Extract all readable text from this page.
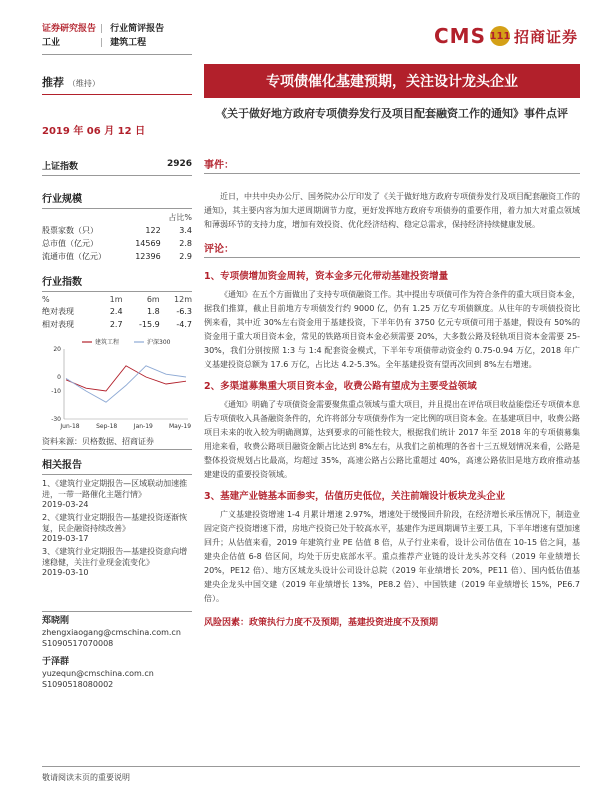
证券研究报告 | 行业简评报告
工业	| 建筑工程	CMS 111 招商证券
推荐 （维持）	专项债催化基建预期，关注设计龙头企业
2019 年 06 月 12 日
《关于做好地方政府专项债券发行及项目配套融资工作的通知》事件点评
上证指数	2926
行业规模
		占比%
股票家数（只）	122	3.4
总市值（亿元）	14569	2.8
流通市值（亿元）	12396	2.9
行业指数
%	1m	6m	12m
绝对表现	2.4	1.8	-6.3
相对表现	2.7	-15.9	-4.7
20
0
-10
-30
Jun-18	Sep-18	Jan-19	May-19
建筑工程	沪深300
资料来源：贝格数据、招商证券
相关报告
1、《建筑行业定期报告—区域联动加速推进，一带一路催化主题行情》
2019-03-24
2、《建筑行业定期报告—基建投资逐渐恢复，民企融资持续改善》
2019-03-17
3、《建筑行业定期报告—基建投资意向增速稳健，关注行业现金流变化》
2019-03-10
郑晓刚
zhengxiaogang@cmschina.com.cn
S1090517070008
于泽群
yuzequn@cmschina.com.cn
S1090518080002
事件：

近日，中共中央办公厅、国务院办公厅印发了《关于做好地方政府专项债券发行及项目配套融资工作的通知》，其主要内容为加大逆周期调节力度，更好发挥地方政府专项债券的重要作用，着力加大对重点领域和薄弱环节的支持力度，增加有效投资、优化经济结构、稳定总需求，保持经济持续健康发展。

评论：
1、专项债增加资金周转，资本金多元化带动基建投资增量

《通知》在五个方面做出了支持专项债融资工作。其中提出专项债可作为符合条件的重大项目资本金，据我们推算，截止目前地方专项债发行约 9000 亿，仍有 1.25 万亿专项债额度。从往年的专项债投资比例来看，其中近 30%左右资金用于基建投资，下半年仍有 3750 亿元专项债可用于基建，假设有 50%的资金用于重大项目资本金，常见的铁路项目资本金必须需要 20%，大多数公路及轻轨项目资本金需要 25-30%，我们分别按照 1:3 与 1:4 配套资金模式，下半年专项债带动资金约 0.75-0.94 万亿，2018 年广义基建投资总额为 17.6 万亿，占比达 4.2-5.3%。全年基建投资有望再次回到 8%左右增速。

2、多渠道募集重大项目资本金，收费公路有望成为主要受益领域

《通知》明确了专项债资金需要聚焦重点领域与重大项目，并且提出在评估项目收益能偿还专项债本息后专项债收入具备融资条件的，允许将部分专项债券作为一定比例的项目资本金。在基建项目中，收费公路项目未来的收入较为明确测算，达到要求的可能性较大，根据我们统计 2017 年至 2018 年的专项债募集用途来看，收费公路项目融资金额占比达到 8%左右，从我们之前梳理的各省十三五规划情况来看，公路是整体投资规划占比最高，均超过 35%，高速公路占公路比重超过 40%，高速公路依旧是地方政府推动基建建设的重要投资领域。

3、基建产业链基本面参实，估值历史低位，关注前端设计板块龙头企业

广义基建投资增速 1-4 月累计增速 2.97%，增速处于缓慢回升阶段，在经济增长承压情况下，制造业固定资产投资增速下滑，房地产投资已处于较高水平，基建作为逆周期调节主要工具，下半年增速有望加速回升；从估值来看，2019 年建筑行业 PE 估值 8 倍，从子行业来看，设计公司估值在 10-15 倍之间，基建央企估值 6-8 倍区间，均处于历史底部水平。重点推荐产业链的设计龙头苏交科（2019 年业绩增长 20%，PE12 倍）、地方区域龙头设计公司设计总院（2019 年业绩增长 20%，PE11 倍）、国内低估值基建央企龙头中国交建（2019 年业绩增长 13%，PE8.2 倍）、中国铁建（2019 年业绩增长 15%，PE6.7 倍）。

风险因素：政策执行力度不及预期，基建投资进度不及预期
敬请阅读末页的重要说明
